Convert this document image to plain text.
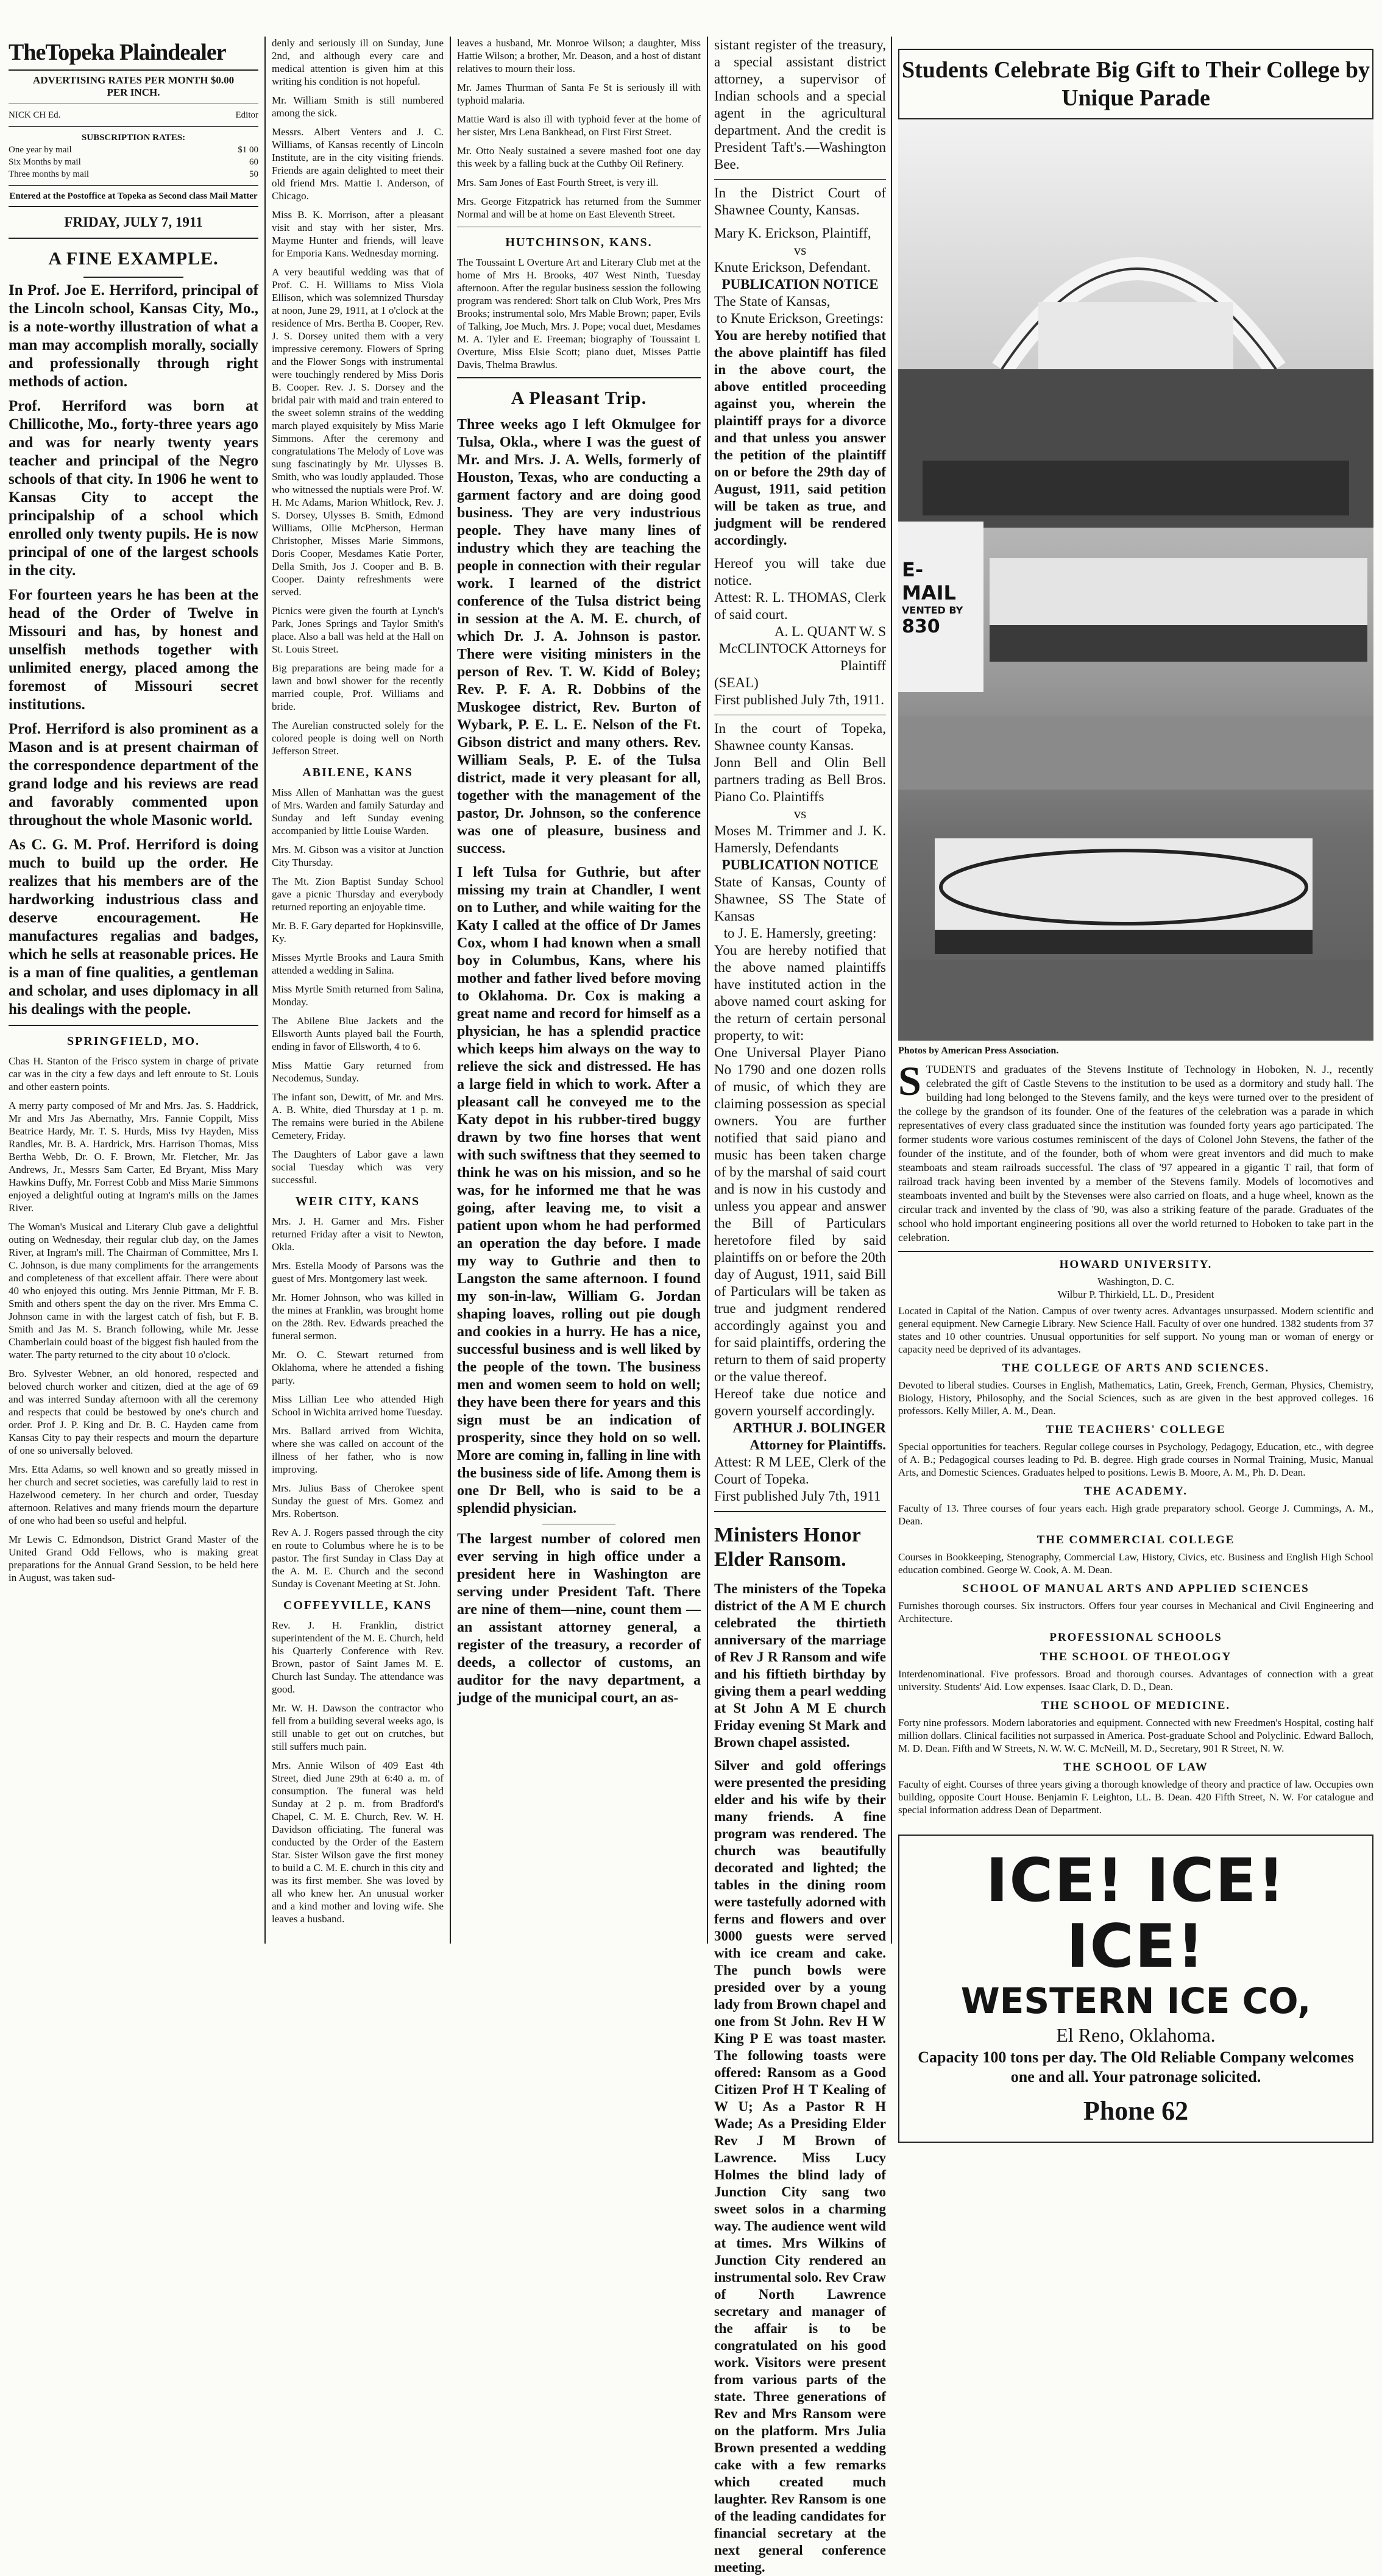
TheTopeka Plaindealer
ADVERTISING RATES PER MONTH $0.00
PER INCH.
NICK CH Ed.	Editor
SUBSCRIPTION RATES:
One year by mail	$1 00
Six Months by mail	60
Three months by mail	50
Entered at the Postoffice at Topeka as Second class Mail Matter
FRIDAY, JULY 7, 1911
A FINE EXAMPLE.

In Prof. Joe E. Herriford, principal of the Lincoln school, Kansas City, Mo., is a note-worthy illustration of what a man may accomplish morally, socially and professionally through right methods of action.

Prof. Herriford was born at Chillicothe, Mo., forty-three years ago and was for nearly twenty years teacher and principal of the Negro schools of that city. In 1906 he went to Kansas City to accept the principalship of a school which enrolled only twenty pupils. He is now principal of one of the largest schools in the city.

For fourteen years he has been at the head of the Order of Twelve in Missouri and has, by honest and unselfish methods together with unlimited energy, placed among the foremost of Missouri secret institutions.

Prof. Herriford is also prominent as a Mason and is at present chairman of the correspondence department of the grand lodge and his reviews are read and favorably commented upon throughout the whole Masonic world.

As C. G. M. Prof. Herriford is doing much to build up the order. He realizes that his members are of the hardworking industrious class and deserve encouragement. He manufactures regalias and badges, which he sells at reasonable prices. He is a man of fine qualities, a gentleman and scholar, and uses diplomacy in all his dealings with the people.

SPRINGFIELD, MO.

Chas H. Stanton of the Frisco system in charge of private car was in the city a few days and left enroute to St. Louis and other eastern points.

A merry party composed of Mr and Mrs. Jas. S. Haddrick, Mr and Mrs Jas Abernathy, Mrs. Fannie Coppilt, Miss Beatrice Hardy, Mr. T. S. Hurds, Miss Ivy Hayden, Miss Randles, Mr. B. A. Hardrick, Mrs. Harrison Thomas, Miss Bertha Webb, Dr. O. F. Brown, Mr. Fletcher, Mr. Jas Andrews, Jr., Messrs Sam Carter, Ed Bryant, Miss Mary Hawkins Duffy, Mr. Forrest Cobb and Miss Marie Simmons enjoyed a delightful outing at Ingram's mills on the James River.

The Woman's Musical and Literary Club gave a delightful outing on Wednesday, their regular club day, on the James River, at Ingram's mill. The Chairman of Committee, Mrs I. C. Johnson, is due many compliments for the arrangements and completeness of that excellent affair. There were about 40 who enjoyed this outing. Mrs Jennie Pittman, Mr F. B. Smith and others spent the day on the river. Mrs Emma C. Johnson came in with the largest catch of fish, but F. B. Smith and Jas M. S. Branch following, while Mr. Jesse Chamberlain could boast of the biggest fish hauled from the water. The party returned to the city about 10 o'clock.

Bro. Sylvester Webner, an old honored, respected and beloved church worker and citizen, died at the age of 69 and was interred Sunday afternoon with all the ceremony and respects that could be bestowed by one's church and order. Prof J. P. King and Dr. B. C. Hayden came from Kansas City to pay their respects and mourn the departure of one so universally beloved.

Mrs. Etta Adams, so well known and so greatly missed in her church and secret societies, was carefully laid to rest in Hazelwood cemetery. In her church and order, Tuesday afternoon. Relatives and many friends mourn the departure of one who had been so useful and helpful.

Mr Lewis C. Edmondson, District Grand Master of the United Grand Odd Fellows, who is making great preparations for the Annual Grand Session, to be held here in August, was taken sud-

denly and seriously ill on Sunday, June 2nd, and although every care and medical attention is given him at this writing his condition is not hopeful.

Mr. William Smith is still numbered among the sick.

Messrs. Albert Venters and J. C. Williams, of Kansas recently of Lincoln Institute, are in the city visiting friends. Friends are again delighted to meet their old friend Mrs. Mattie I. Anderson, of Chicago.

Miss B. K. Morrison, after a pleasant visit and stay with her sister, Mrs. Mayme Hunter and friends, will leave for Emporia Kans. Wednesday morning.

A very beautiful wedding was that of Prof. C. H. Williams to Miss Viola Ellison, which was solemnized Thursday at noon, June 29, 1911, at 1 o'clock at the residence of Mrs. Bertha B. Cooper, Rev. J. S. Dorsey united them with a very impressive ceremony. Flowers of Spring and the Flower Songs with instrumental were touchingly rendered by Miss Doris B. Cooper. Rev. J. S. Dorsey and the bridal pair with maid and train entered to the sweet solemn strains of the wedding march played exquisitely by Miss Marie Simmons. After the ceremony and congratulations The Melody of Love was sung fascinatingly by Mr. Ulysses B. Smith, who was loudly applauded. Those who witnessed the nuptials were Prof. W. H. Mc Adams, Marion Whitlock, Rev. J. S. Dorsey, Ulysses B. Smith, Edmond Williams, Ollie McPherson, Herman Christopher, Misses Marie Simmons, Doris Cooper, Mesdames Katie Porter, Della Smith, Jos J. Cooper and B. B. Cooper. Dainty refreshments were served.

Picnics were given the fourth at Lynch's Park, Jones Springs and Taylor Smith's place. Also a ball was held at the Hall on St. Louis Street.

Big preparations are being made for a lawn and bowl shower for the recently married couple, Prof. Williams and bride.

The Aurelian constructed solely for the colored people is doing well on North Jefferson Street.

ABILENE, KANS

Miss Allen of Manhattan was the guest of Mrs. Warden and family Saturday and Sunday and left Sunday evening accompanied by little Louise Warden.

Mrs. M. Gibson was a visitor at Junction City Thursday.

The Mt. Zion Baptist Sunday School gave a picnic Thursday and everybody returned reporting an enjoyable time.

Mr. B. F. Gary departed for Hopkinsville, Ky.

Misses Myrtle Brooks and Laura Smith attended a wedding in Salina.

Miss Myrtle Smith returned from Salina, Monday.

The Abilene Blue Jackets and the Ellsworth Aunts played ball the Fourth, ending in favor of Ellsworth, 4 to 6.

Miss Mattie Gary returned from Necodemus, Sunday.

The infant son, Dewitt, of Mr. and Mrs. A. B. White, died Thursday at 1 p. m. The remains were buried in the Abilene Cemetery, Friday.

The Daughters of Labor gave a lawn social Tuesday which was very successful.

WEIR CITY, KANS

Mrs. J. H. Garner and Mrs. Fisher returned Friday after a visit to Newton, Okla.

Mrs. Estella Moody of Parsons was the guest of Mrs. Montgomery last week.

Mr. Homer Johnson, who was killed in the mines at Franklin, was brought home on the 28th. Rev. Edwards preached the funeral sermon.

Mr. O. C. Stewart returned from Oklahoma, where he attended a fishing party.

Miss Lillian Lee who attended High School in Wichita arrived home Tuesday.

Mrs. Ballard arrived from Wichita, where she was called on account of the illness of her father, who is now improving.

Mrs. Julius Bass of Cherokee spent Sunday the guest of Mrs. Gomez and Mrs. Robertson.

Rev A. J. Rogers passed through the city en route to Columbus where he is to be pastor. The first Sunday in Class Day at the A. M. E. Church and the second Sunday is Covenant Meeting at St. John.

COFFEYVILLE, KANS

Rev. J. H. Franklin, district superintendent of the M. E. Church, held his Quarterly Conference with Rev. Brown, pastor of Saint James M. E. Church last Sunday. The attendance was good.

Mr. W. H. Dawson the contractor who fell from a building several weeks ago, is still unable to get out on crutches, but still suffers much pain.

Mrs. Annie Wilson of 409 East 4th Street, died June 29th at 6:40 a. m. of consumption. The funeral was held Sunday at 2 p. m. from Bradford's Chapel, C. M. E. Church, Rev. W. H. Davidson officiating. The funeral was conducted by the Order of the Eastern Star. Sister Wilson gave the first money to build a C. M. E. church in this city and was its first member. She was loved by all who knew her. An unusual worker and a kind mother and loving wife. She leaves a husband.

leaves a husband, Mr. Monroe Wilson; a daughter, Miss Hattie Wilson; a brother, Mr. Deason, and a host of distant relatives to mourn their loss.

Mr. James Thurman of Santa Fe St is seriously ill with typhoid malaria.

Mattie Ward is also ill with typhoid fever at the home of her sister, Mrs Lena Bankhead, on First First Street.

Mr. Otto Nealy sustained a severe mashed foot one day this week by a falling buck at the Cuthby Oil Refinery.

Mrs. Sam Jones of East Fourth Street, is very ill.

Mrs. George Fitzpatrick has returned from the Summer Normal and will be at home on East Eleventh Street.

HUTCHINSON, KANS.

The Toussaint L Overture Art and Literary Club met at the home of Mrs H. Brooks, 407 West Ninth, Tuesday afternoon. After the regular business session the following program was rendered: Short talk on Club Work, Pres Mrs Brooks; instrumental solo, Mrs Mable Brown; paper, Evils of Talking, Joe Much, Mrs. J. Pope; vocal duet, Mesdames M. A. Tyler and E. Freeman; biography of Toussaint L Overture, Miss Elsie Scott; piano duet, Misses Pattie Davis, Thelma Brawlus.

A Pleasant Trip.

Three weeks ago I left Okmulgee for Tulsa, Okla., where I was the guest of Mr. and Mrs. J. A. Wells, formerly of Houston, Texas, who are conducting a garment factory and are doing good business. They are very industrious people. They have many lines of industry which they are teaching the people in connection with their regular work. I learned of the district conference of the Tulsa district being in session at the A. M. E. church, of which Dr. J. A. Johnson is pastor. There were visiting ministers in the person of Rev. T. W. Kidd of Boley; Rev. P. F. A. R. Dobbins of the Muskogee district, Rev. Burton of Wybark, P. E. L. E. Nelson of the Ft. Gibson district and many others. Rev. William Seals, P. E. of the Tulsa district, made it very pleasant for all, together with the management of the pastor, Dr. Johnson, so the conference was one of pleasure, business and success.

I left Tulsa for Guthrie, but after missing my train at Chandler, I went on to Luther, and while waiting for the Katy I called at the office of Dr James Cox, whom I had known when a small boy in Columbus, Kans, where his mother and father lived before moving to Oklahoma. Dr. Cox is making a great name and record for himself as a physician, he has a splendid practice which keeps him always on the way to relieve the sick and distressed. He has a large field in which to work. After a pleasant call he conveyed me to the Katy depot in his rubber-tired buggy drawn by two fine horses that went with such swiftness that they seemed to think he was on his mission, and so he was, for he informed me that he was going, after leaving me, to visit a patient upon whom he had performed an operation the day before. I made my way to Guthrie and then to Langston the same afternoon. I found my son-in-law, William G. Jordan shaping loaves, rolling out pie dough and cookies in a hurry. He has a nice, successful business and is well liked by the people of the town. The business men and women seem to hold on well; they have been there for years and this sign must be an indication of prosperity, since they hold on so well. More are coming in, falling in line with the business side of life. Among them is one Dr Bell, who is said to be a splendid physician.

The largest number of colored men ever serving in high office under a president here in Washington are serving under President Taft. There are nine of them—nine, count them —an assistant attorney general, a register of the treasury, a recorder of deeds, a collector of customs, an auditor for the navy department, a judge of the municipal court, an as-

sistant register of the treasury, a special assistant district attorney, a supervisor of Indian schools and a special agent in the agricultural department. And the credit is President Taft's.—Washington Bee.

In the District Court of Shawnee County, Kansas.

Mary K. Erickson, Plaintiff,

vs

Knute Erickson, Defendant.

PUBLICATION NOTICE

The State of Kansas,

to Knute Erickson, Greetings:

You are hereby notified that the above plaintiff has filed in the above court, the above entitled proceeding against you, wherein the plaintiff prays for a divorce and that unless you answer the petition of the plaintiff on or before the 29th day of August, 1911, said petition will be taken as true, and judgment will be rendered accordingly.

Hereof you will take due notice.

Attest: R. L. THOMAS, Clerk of said court.

A. L. QUANT W. S McCLINTOCK Attorneys for Plaintiff

(SEAL)

First published July 7th, 1911.

In the court of Topeka, Shawnee county Kansas.

Jonn Bell and Olin Bell partners trading as Bell Bros. Piano Co. Plaintiffs

vs

Moses M. Trimmer and J. K. Hamersly, Defendants

PUBLICATION NOTICE

State of Kansas, County of Shawnee, SS The State of Kansas

to J. E. Hamersly, greeting:

You are hereby notified that the above named plaintiffs have instituted action in the above named court asking for the return of certain personal property, to wit:

One Universal Player Piano No 1790 and one dozen rolls of music, of which they are claiming possession as special owners. You are further notified that said piano and music has been taken charge of by the marshal of said court and is now in his custody and unless you appear and answer the Bill of Particulars heretofore filed by said plaintiffs on or before the 20th day of August, 1911, said Bill of Particulars will be taken as true and judgment rendered accordingly against you and for said plaintiffs, ordering the return to them of said property or the value thereof.

Hereof take due notice and govern yourself accordingly.

ARTHUR J. BOLINGER Attorney for Plaintiffs.

Attest: R M LEE, Clerk of the Court of Topeka.

First published July 7th, 1911

Ministers Honor Elder Ransom.

The ministers of the Topeka district of the A M E church celebrated the thirtieth anniversary of the marriage of Rev J R Ransom and wife and his fiftieth birthday by giving them a pearl wedding at St John A M E church Friday evening St Mark and Brown chapel assisted.

Silver and gold offerings were presented the presiding elder and his wife by their many friends. A fine program was rendered. The church was beautifully decorated and lighted; the tables in the dining room were tastefully adorned with ferns and flowers and over 3000 guests were served with ice cream and cake. The punch bowls were presided over by a young lady from Brown chapel and one from St John. Rev H W King P E was toast master. The following toasts were offered: Ransom as a Good Citizen Prof H T Kealing of W U; As a Pastor R H Wade; As a Presiding Elder Rev J M Brown of Lawrence. Miss Lucy Holmes the blind lady of Junction City sang two sweet solos in a charming way. The audience went wild at times. Mrs Wilkins of Junction City rendered an instrumental solo. Rev Craw of North Lawrence secretary and manager of the affair is to be congratulated on his good work. Visitors were present from various parts of the state. Three generations of Rev and Mrs Ransom were on the platform. Mrs Julia Brown presented a wedding cake with a few remarks which created much laughter. Rev Ransom is one of the leading candidates for financial secretary at the next general conference meeting.

Students Celebrate Big Gift to Their College by Unique Parade
E-MAIL
VENTED BY
830
Photos by American Press Association.

STUDENTS and graduates of the Stevens Institute of Technology in Hoboken, N. J., recently celebrated the gift of Castle Stevens to the institution to be used as a dormitory and study hall. The building had long belonged to the Stevens family, and the keys were turned over to the president of the college by the grandson of its founder. One of the features of the celebration was a parade in which representatives of every class graduated since the institution was founded forty years ago participated. The former students wore various costumes reminiscent of the days of Colonel John Stevens, the father of the founder of the institute, and of the founder, both of whom were great inventors and did much to make steamboats and steam railroads successful. The class of '97 appeared in a gigantic T rail, that form of railroad track having been invented by a member of the Stevens family. Models of locomotives and steamboats invented and built by the Stevenses were also carried on floats, and a huge wheel, known as the circular track and invented by the class of '90, was also a striking feature of the parade. Graduates of the school who hold important engineering positions all over the world returned to Hoboken to take part in the celebration.

HOWARD UNIVERSITY.

Washington, D. C.

Wilbur P. Thirkield, LL. D., President

Located in Capital of the Nation. Campus of over twenty acres. Advantages unsurpassed. Modern scientific and general equipment. New Carnegie Library. New Science Hall. Faculty of over one hundred. 1382 students from 37 states and 10 other countries. Unusual opportunities for self support. No young man or woman of energy or capacity need be deprived of its advantages.

THE COLLEGE OF ARTS AND SCIENCES.

Devoted to liberal studies. Courses in English, Mathematics, Latin, Greek, French, German, Physics, Chemistry, Biology, History, Philosophy, and the Social Sciences, such as are given in the best approved colleges. 16 professors. Kelly Miller, A. M., Dean.

THE TEACHERS' COLLEGE

Special opportunities for teachers. Regular college courses in Psychology, Pedagogy, Education, etc., with degree of A. B.; Pedagogical courses leading to Pd. B. degree. High grade courses in Normal Training, Music, Manual Arts, and Domestic Sciences. Graduates helped to positions. Lewis B. Moore, A. M., Ph. D. Dean.

THE ACADEMY.

Faculty of 13. Three courses of four years each. High grade preparatory school. George J. Cummings, A. M., Dean.

THE COMMERCIAL COLLEGE

Courses in Bookkeeping, Stenography, Commercial Law, History, Civics, etc. Business and English High School education combined. George W. Cook, A. M. Dean.

SCHOOL OF MANUAL ARTS AND APPLIED SCIENCES

Furnishes thorough courses. Six instructors. Offers four year courses in Mechanical and Civil Engineering and Architecture.

PROFESSIONAL SCHOOLS
THE SCHOOL OF THEOLOGY

Interdenominational. Five professors. Broad and thorough courses. Advantages of connection with a great university. Students' Aid. Low expenses. Isaac Clark, D. D., Dean.

THE SCHOOL OF MEDICINE.

Forty nine professors. Modern laboratories and equipment. Connected with new Freedmen's Hospital, costing half million dollars. Clinical facilities not surpassed in America. Post-graduate School and Polyclinic. Edward Balloch, M. D. Dean. Fifth and W Streets, N. W. W. C. McNeill, M. D., Secretary, 901 R Street, N. W.

THE SCHOOL OF LAW

Faculty of eight. Courses of three years giving a thorough knowledge of theory and practice of law. Occupies own building, opposite Court House. Benjamin F. Leighton, LL. B. Dean. 420 Fifth Street, N. W. For catalogue and special information address Dean of Department.

ICE! ICE! ICE!
WESTERN ICE CO,
El Reno, Oklahoma.
Capacity 100 tons per day. The Old Reliable Company welcomes one and all. Your patronage solicited.
Phone 62
